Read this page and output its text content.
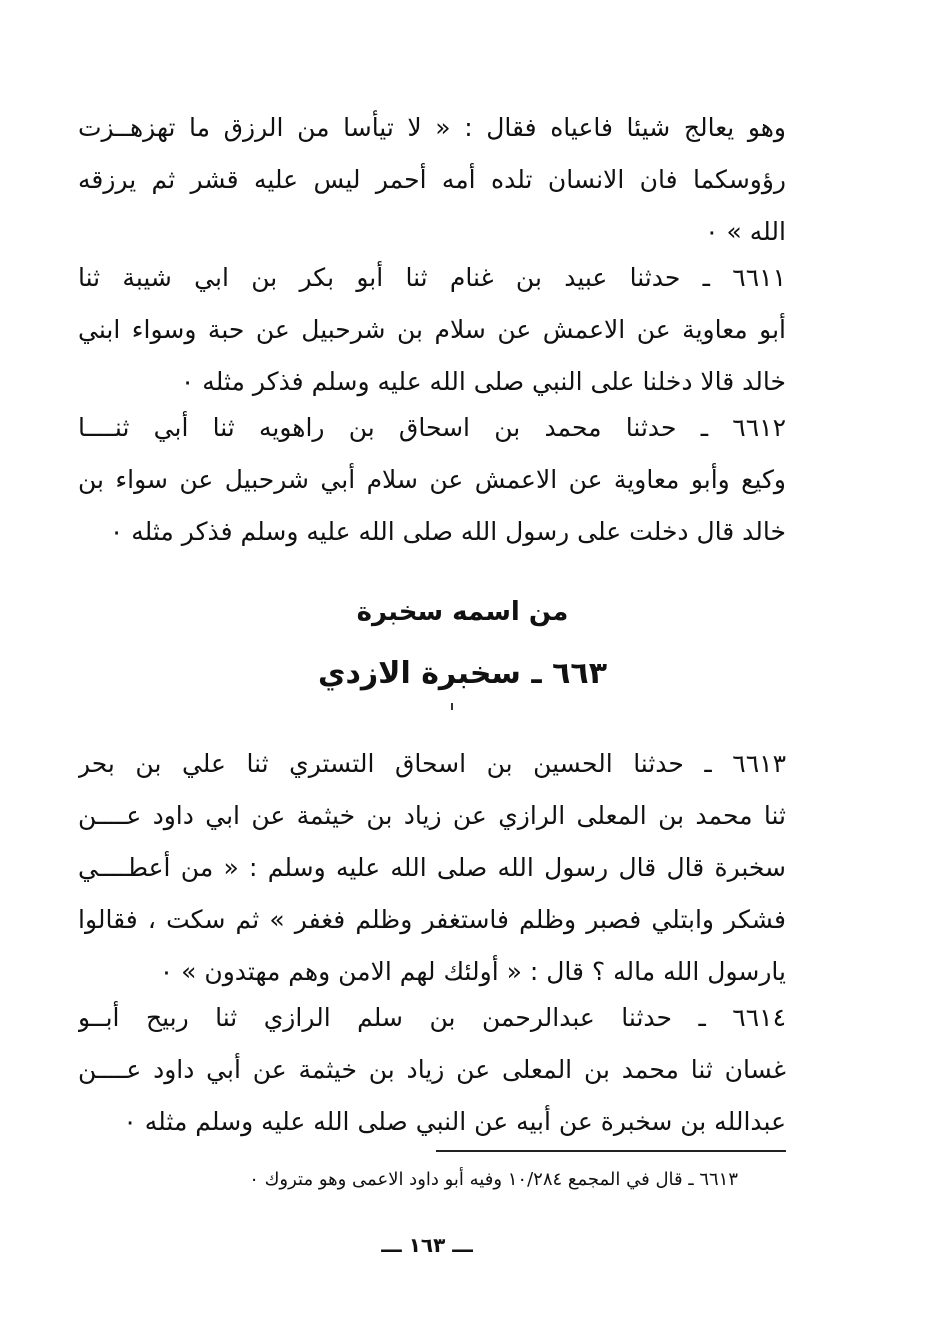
وهو يعالج شيئا فاعياه فقال : « لا تيأسا من الرزق ما تهزهــزت
رؤوسكما فان الانسان تلده أمه أحمر ليس عليه قشر ثم يرزقه
الله » ٠
٦٦١١ ـ حدثنا عبيد بن غنام ثنا أبو بكر بن ابي شيبة ثنا
أبو معاوية عن الاعمش عن سلام بن شرحبيل عن حبة وسواء ابني
خالد قالا دخلنا على النبي صلى الله عليه وسلم فذكر مثله ٠
٦٦١٢ ـ حدثنا محمد بن اسحاق بن راهويه ثنا أبي ثنــــا
وكيع وأبو معاوية عن الاعمش عن سلام أبي شرحبيل عن سواء بن
خالد قال دخلت على رسول الله صلى الله عليه وسلم فذكر مثله ٠
من اسمه سخبرة
٦٦٣ ـ سخبرة الازدي
٦٦١٣ ـ حدثنا الحسين بن اسحاق التستري ثنا علي بن بحر
ثنا محمد بن المعلى الرازي عن زياد بن خيثمة عن ابي داود عــــن
سخبرة قال قال رسول الله صلى الله عليه وسلم : « من أعطــــي
فشكر وابتلي فصبر وظلم فاستغفر وظلم فغفر » ثم سكت ، فقالوا
يارسول الله ماله ؟ قال : « أولئك لهم الامن وهم مهتدون » ٠
٦٦١٤ ـ حدثنا عبدالرحمن بن سلم الرازي ثنا ربيح أبــو
غسان ثنا محمد بن المعلى عن زياد بن خيثمة عن أبي داود عــــن
عبدالله بن سخبرة عن أبيه عن النبي صلى الله عليه وسلم مثله ٠
٦٦١٣ ـ قال في المجمع ١٠/٢٨٤ وفيه أبو داود الاعمى وهو متروك ٠
ـــ ١٦٣ ـــ
